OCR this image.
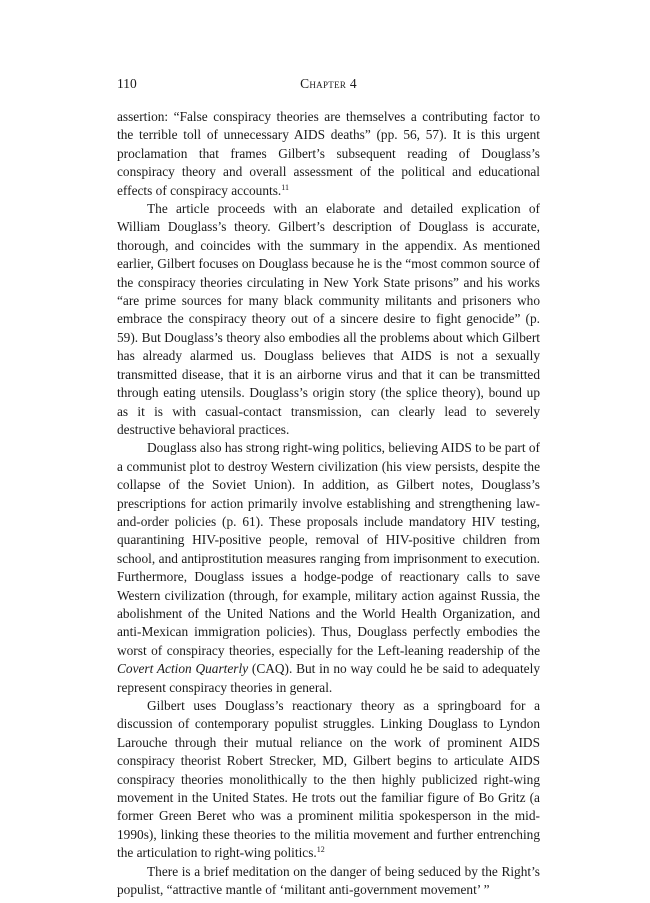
110	Chapter 4

assertion: “False conspiracy theories are themselves a contributing factor to the terrible toll of unnecessary AIDS deaths” (pp. 56, 57). It is this urgent proclamation that frames Gilbert’s subsequent reading of Douglass’s conspiracy theory and overall assessment of the political and educational effects of conspiracy accounts.$^{11}$

The article proceeds with an elaborate and detailed explication of William Douglass’s theory. Gilbert’s description of Douglass is accurate, thorough, and coincides with the summary in the appendix. As mentioned earlier, Gilbert focuses on Douglass because he is the “most common source of the conspiracy theories circulating in New York State prisons” and his works “are prime sources for many black community militants and prisoners who embrace the conspiracy theory out of a sincere desire to fight genocide” (p. 59). But Douglass’s theory also embodies all the problems about which Gilbert has already alarmed us. Douglass believes that AIDS is not a sexually transmitted disease, that it is an airborne virus and that it can be transmitted through eating utensils. Douglass’s origin story (the splice theory), bound up as it is with casual-contact transmission, can clearly lead to severely destructive behavioral practices.

Douglass also has strong right-wing politics, believing AIDS to be part of a communist plot to destroy Western civilization (his view persists, despite the collapse of the Soviet Union). In addition, as Gilbert notes, Douglass’s prescriptions for action primarily involve establishing and strengthening law-and-order policies (p. 61). These proposals include mandatory HIV testing, quarantining HIV-positive people, removal of HIV-positive children from school, and antiprostitution measures ranging from imprisonment to execution. Furthermore, Douglass issues a hodge-podge of reactionary calls to save Western civilization (through, for example, military action against Russia, the abolishment of the United Nations and the World Health Organization, and anti-Mexican immigration policies). Thus, Douglass perfectly embodies the worst of conspiracy theories, especially for the Left-leaning readership of the Covert Action Quarterly (CAQ). But in no way could he be said to adequately represent conspiracy theories in general.

Gilbert uses Douglass’s reactionary theory as a springboard for a discussion of contemporary populist struggles. Linking Douglass to Lyndon Larouche through their mutual reliance on the work of prominent AIDS conspiracy theorist Robert Strecker, MD, Gilbert begins to articulate AIDS conspiracy theories monolithically to the then highly publicized right-wing movement in the United States. He trots out the familiar figure of Bo Gritz (a former Green Beret who was a prominent militia spokesperson in the mid-1990s), linking these theories to the militia movement and further entrenching the articulation to right-wing politics.$^{12}$

There is a brief meditation on the danger of being seduced by the Right’s populist, “attractive mantle of ‘militant anti-government movement’ ”
